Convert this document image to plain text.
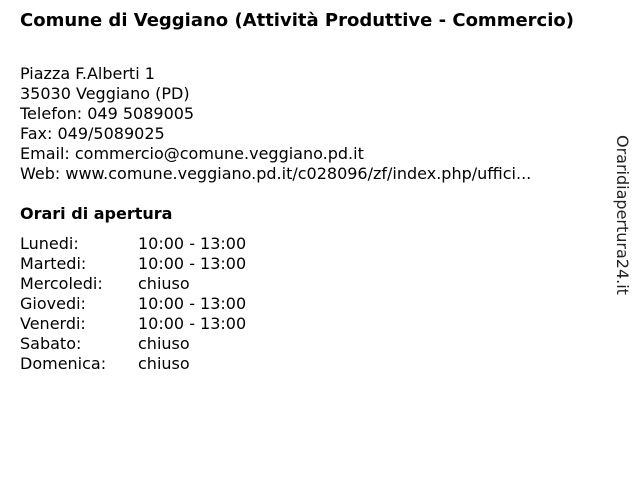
Comune di Veggiano (Attività Produttive - Commercio)
Piazza F.Alberti 1
35030 Veggiano (PD)
Telefon: 049 5089005
Fax: 049/5089025
Email: commercio@comune.veggiano.pd.it
Web: www.comune.veggiano.pd.it/c028096/zf/index.php/uffici...
Orari di apertura
Lunedi:	10:00 - 13:00
Martedi:	10:00 - 13:00
Mercoledi:	chiuso
Giovedi:	10:00 - 13:00
Venerdi:	10:00 - 13:00
Sabato:	chiuso
Domenica:	chiuso
Oraridiapertura24.it
